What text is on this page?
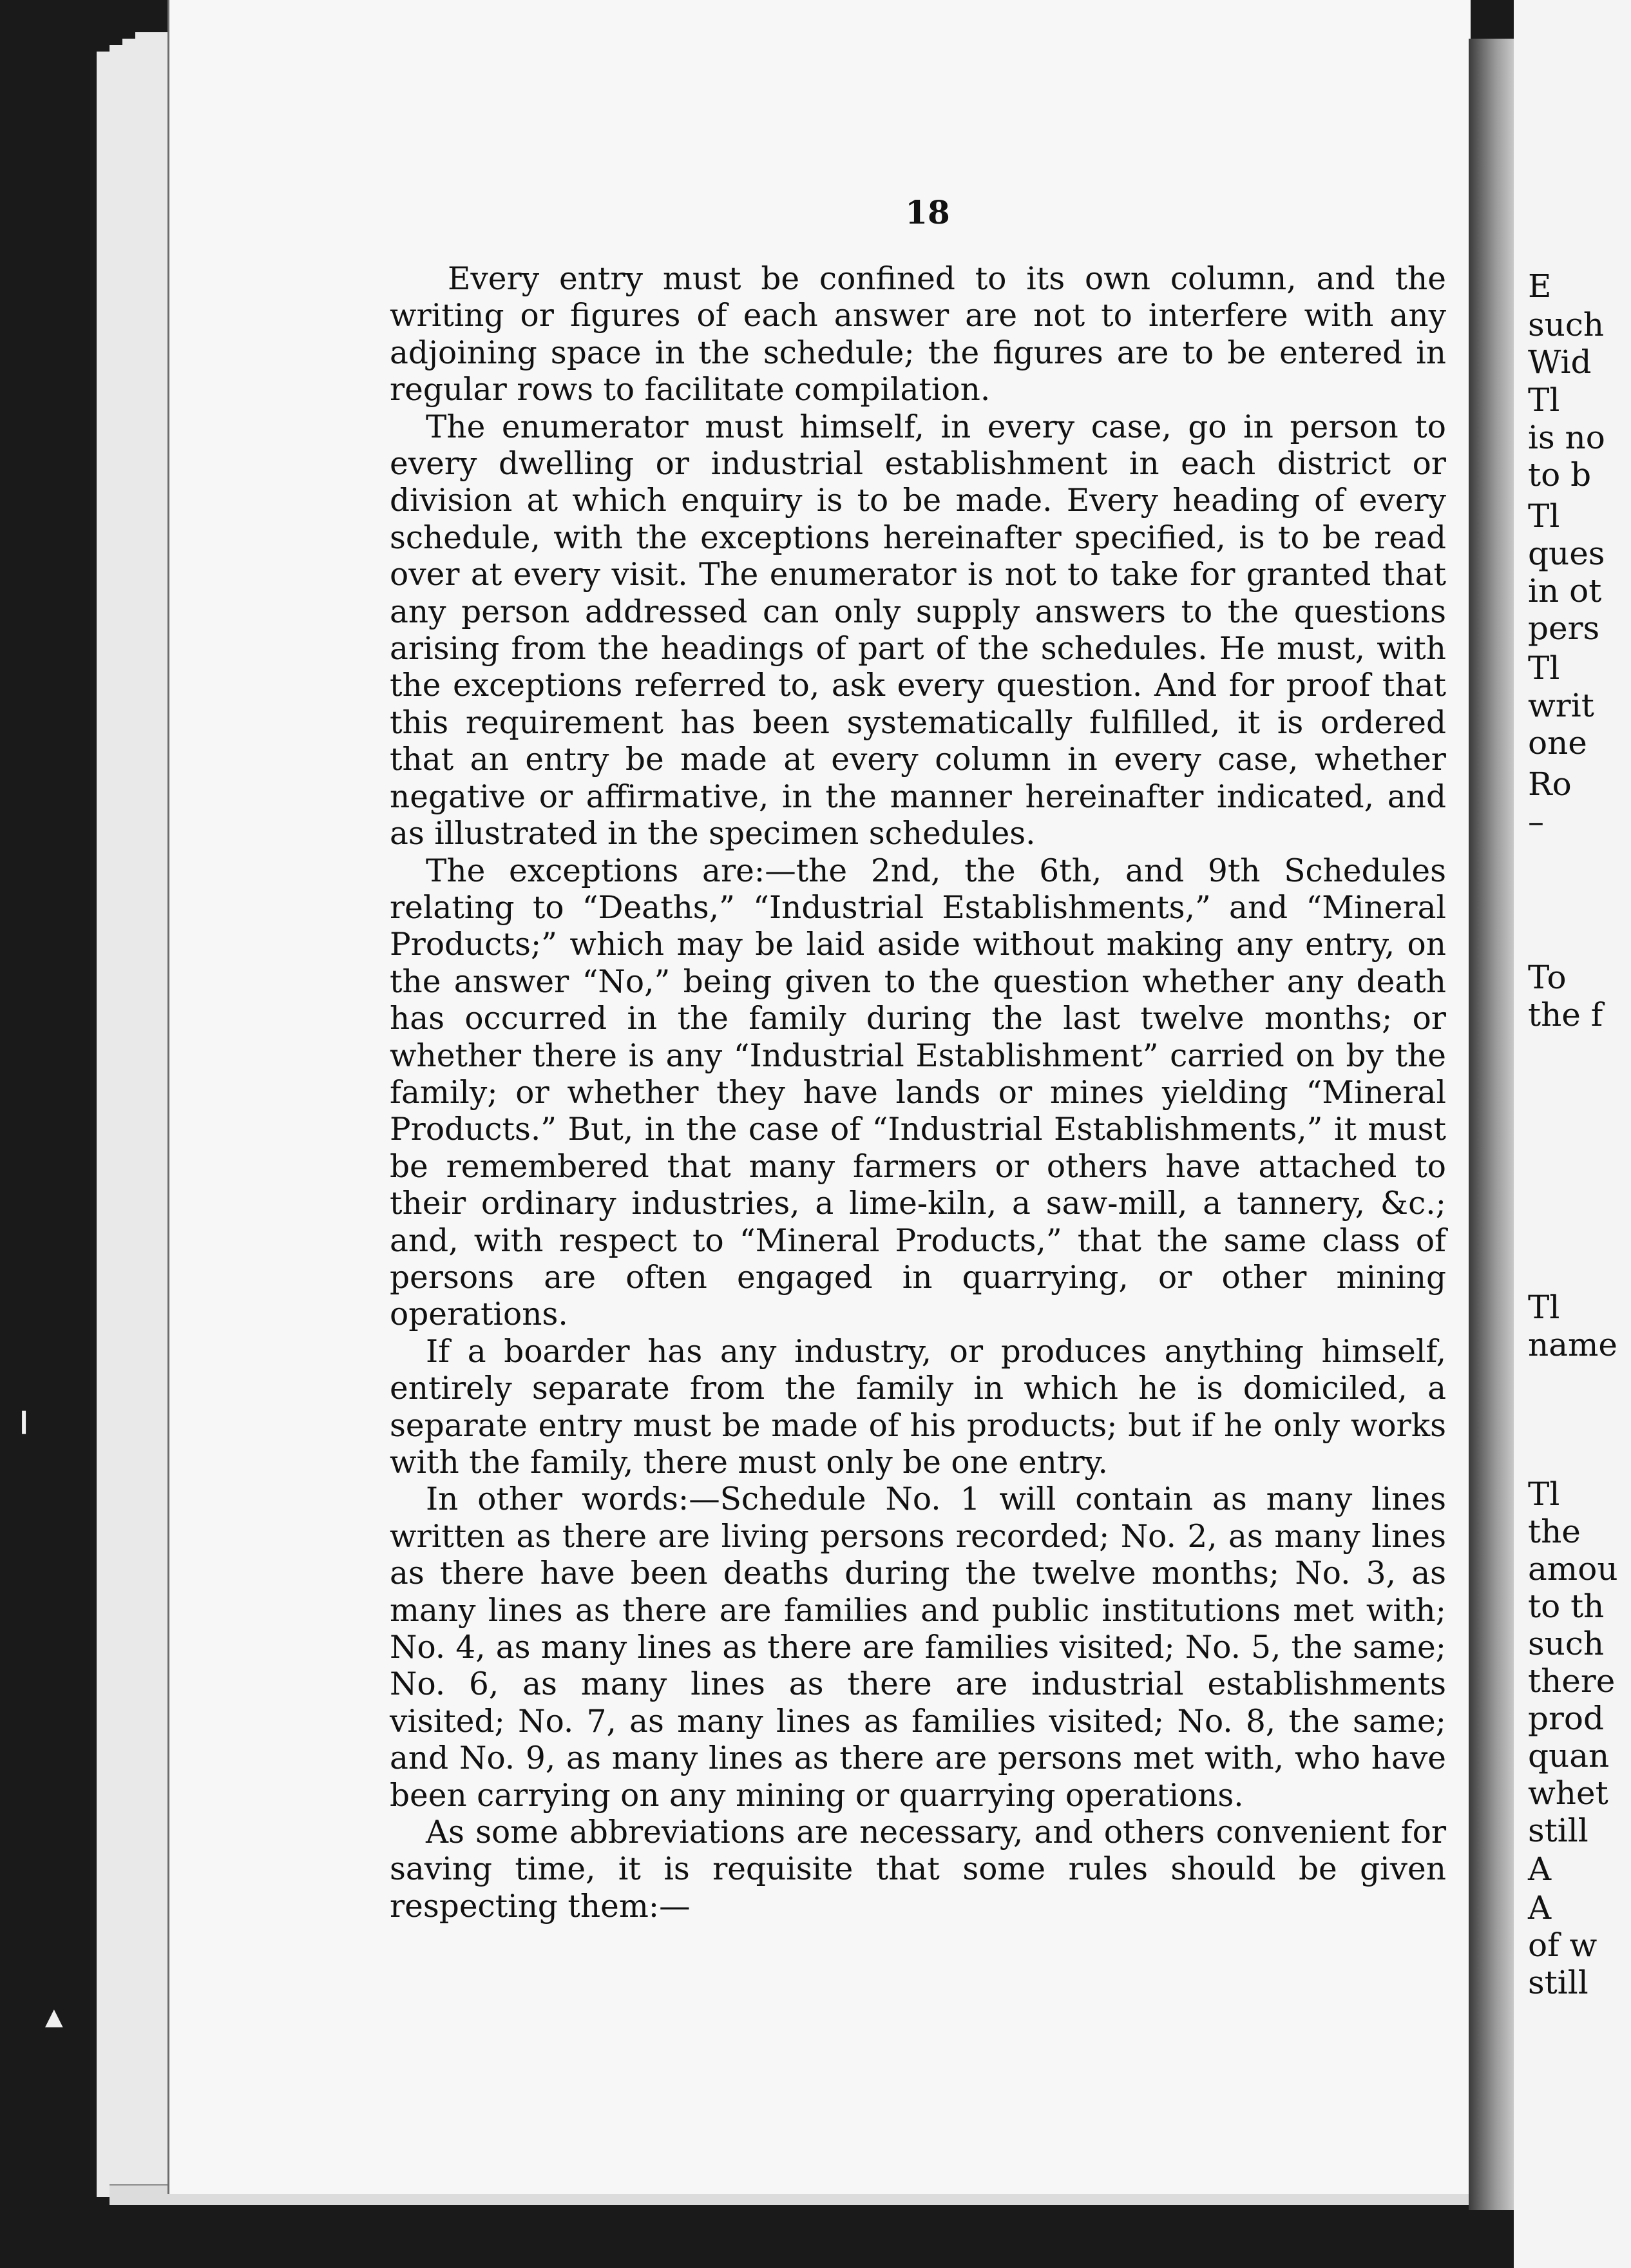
❙
▲
18

Every entry must be confined to its own column, and the writing or figures of each answer are not to interfere with any adjoining space in the schedule; the figures are to be entered in regular rows to facilitate compilation.

The enumerator must himself, in every case, go in person to every dwelling or industrial establishment in each district or division at which enquiry is to be made. Every heading of every schedule, with the exceptions hereinafter specified, is to be read over at every visit. The enumerator is not to take for granted that any person addressed can only supply answers to the questions arising from the headings of part of the schedules. He must, with the exceptions referred to, ask every question. And for proof that this requirement has been systematically fulfilled, it is ordered that an entry be made at every column in every case, whether negative or affirmative, in the manner hereinafter indicated, and as illustrated in the specimen schedules.

The exceptions are:—the 2nd, the 6th, and 9th Schedules relating to “Deaths,” “Industrial Establishments,” and “Mineral Products;” which may be laid aside without making any entry, on the answer “No,” being given to the question whether any death has occurred in the family during the last twelve months; or whether there is any “Industrial Establishment” carried on by the family; or whether they have lands or mines yielding “Mineral Products.” But, in the case of “Industrial Establishments,” it must be remembered that many farmers or others have attached to their ordinary industries, a lime-kiln, a saw-mill, a tannery, &c.; and, with respect to “Mineral Products,” that the same class of persons are often engaged in quarrying, or other mining operations.

If a boarder has any industry, or produces anything himself, entirely separate from the family in which he is domiciled, a separate entry must be made of his products; but if he only works with the family, there must only be one entry.

In other words:—Schedule No. 1 will contain as many lines written as there are living persons recorded; No. 2, as many lines as there have been deaths during the twelve months; No. 3, as many lines as there are families and public institutions met with; No. 4, as many lines as there are families visited; No. 5, the same; No. 6, as many lines as there are industrial establishments visited; No. 7, as many lines as families visited; No. 8, the same; and No. 9, as many lines as there are persons met with, who have been carrying on any mining or quarrying operations.

As some abbreviations are necessary, and others convenient for saving time, it is requisite that some rules should be given respecting them:—

E
such
Wid
Tl
is no
to b
Tl
ques
in ot
pers
Tl
writ
one
Ro
–
To
the f
Tl
name
Tl
the
amou
to th
such
there
prod
quan
whet
still
A
A
of w
still
